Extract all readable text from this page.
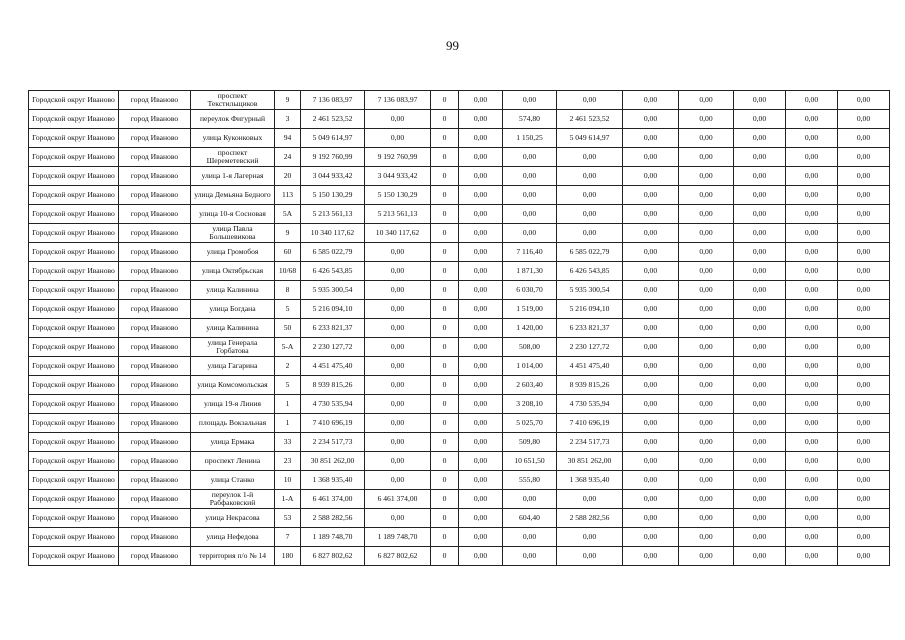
99
Городской округ Иваново	город Иваново	проспект Текстильщиков	9	7 136 083,97	7 136 083,97	0	0,00	0,00	0,00	0,00	0,00	0,00	0,00	0,00
Городской округ Иваново	город Иваново	переулок Фигурный	3	2 461 523,52	0,00	0	0,00	574,80	2 461 523,52	0,00	0,00	0,00	0,00	0,00
Городской округ Иваново	город Иваново	улица Куконковых	94	5 049 614,97	0,00	0	0,00	1 150,25	5 049 614,97	0,00	0,00	0,00	0,00	0,00
Городской округ Иваново	город Иваново	проспект Шереметевский	24	9 192 760,99	9 192 760,99	0	0,00	0,00	0,00	0,00	0,00	0,00	0,00	0,00
Городской округ Иваново	город Иваново	улица 1-я Лагерная	20	3 044 933,42	3 044 933,42	0	0,00	0,00	0,00	0,00	0,00	0,00	0,00	0,00
Городской округ Иваново	город Иваново	улица Демьяна Бедного	113	5 150 130,29	5 150 130,29	0	0,00	0,00	0,00	0,00	0,00	0,00	0,00	0,00
Городской округ Иваново	город Иваново	улица 10-я Сосновая	5А	5 213 561,13	5 213 561,13	0	0,00	0,00	0,00	0,00	0,00	0,00	0,00	0,00
Городской округ Иваново	город Иваново	улица Павла Большевикова	9	10 340 117,62	10 340 117,62	0	0,00	0,00	0,00	0,00	0,00	0,00	0,00	0,00
Городской округ Иваново	город Иваново	улица Громобоя	60	6 585 022,79	0,00	0	0,00	7 116,40	6 585 022,79	0,00	0,00	0,00	0,00	0,00
Городской округ Иваново	город Иваново	улица Октябрьская	10/68	6 426 543,85	0,00	0	0,00	1 871,30	6 426 543,85	0,00	0,00	0,00	0,00	0,00
Городской округ Иваново	город Иваново	улица Калинина	8	5 935 300,54	0,00	0	0,00	6 030,70	5 935 300,54	0,00	0,00	0,00	0,00	0,00
Городской округ Иваново	город Иваново	улица Богдана	5	5 216 094,10	0,00	0	0,00	1 519,00	5 216 094,10	0,00	0,00	0,00	0,00	0,00
Городской округ Иваново	город Иваново	улица Калинина	50	6 233 821,37	0,00	0	0,00	1 420,00	6 233 821,37	0,00	0,00	0,00	0,00	0,00
Городской округ Иваново	город Иваново	улица Генерала Горбатова	5-А	2 230 127,72	0,00	0	0,00	508,00	2 230 127,72	0,00	0,00	0,00	0,00	0,00
Городской округ Иваново	город Иваново	улица Гагарина	2	4 451 475,40	0,00	0	0,00	1 014,00	4 451 475,40	0,00	0,00	0,00	0,00	0,00
Городской округ Иваново	город Иваново	улица Комсомольская	5	8 939 815,26	0,00	0	0,00	2 603,40	8 939 815,26	0,00	0,00	0,00	0,00	0,00
Городской округ Иваново	город Иваново	улица 19-я Линия	1	4 730 535,94	0,00	0	0,00	3 208,10	4 730 535,94	0,00	0,00	0,00	0,00	0,00
Городской округ Иваново	город Иваново	площадь Вокзальная	1	7 410 696,19	0,00	0	0,00	5 025,70	7 410 696,19	0,00	0,00	0,00	0,00	0,00
Городской округ Иваново	город Иваново	улица Ермака	33	2 234 517,73	0,00	0	0,00	509,80	2 234 517,73	0,00	0,00	0,00	0,00	0,00
Городской округ Иваново	город Иваново	проспект Ленина	23	30 851 262,00	0,00	0	0,00	10 651,50	30 851 262,00	0,00	0,00	0,00	0,00	0,00
Городской округ Иваново	город Иваново	улица Станко	10	1 368 935,40	0,00	0	0,00	555,80	1 368 935,40	0,00	0,00	0,00	0,00	0,00
Городской округ Иваново	город Иваново	переулок 1-й Рабфаковский	1-А	6 461 374,00	6 461 374,00	0	0,00	0,00	0,00	0,00	0,00	0,00	0,00	0,00
Городской округ Иваново	город Иваново	улица Некрасова	53	2 588 282,56	0,00	0	0,00	604,40	2 588 282,56	0,00	0,00	0,00	0,00	0,00
Городской округ Иваново	город Иваново	улица Нефедова	7	1 189 748,70	1 189 748,70	0	0,00	0,00	0,00	0,00	0,00	0,00	0,00	0,00
Городской округ Иваново	город Иваново	территория п/о № 14	180	6 827 802,62	6 827 802,62	0	0,00	0,00	0,00	0,00	0,00	0,00	0,00	0,00
